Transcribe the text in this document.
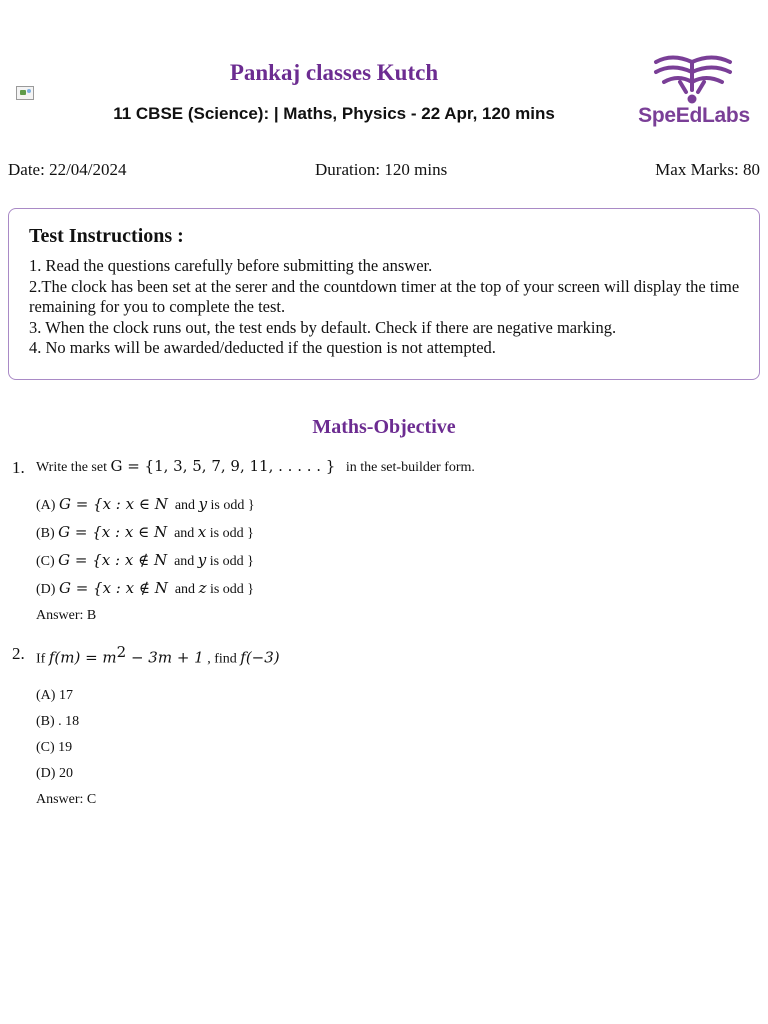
Pankaj classes Kutch
11 CBSE (Science): | Maths, Physics - 22 Apr, 120 mins	SpeEdLabs
Date: 22/04/2024	Duration: 120 mins	Max Marks: 80
Test Instructions :

1. Read the questions carefully before submitting the answer.

2.The clock has been set at the serer and the countdown timer at the top of your screen will display the time remaining for you to complete the test.

3. When the clock runs out, the test ends by default. Check if there are negative marking.

4. No marks will be awarded/deducted if the question is not attempted.

Maths-Objective
1. Write the set G = {1, 3, 5, 7, 9, 11, . . . . . } in the set-builder form.
(A) G = {x : x ∈ N and y is odd }
(B) G = {x : x ∈ N and x is odd }
(C) G = {x : x ∉ N and y is odd }
(D) G = {x : x ∉ N and z is odd }
Answer: B
2. If $f(m) = m^2 - 3m + 1$ , find f(−3)
(A) 17
(B) . 18
(C) 19
(D) 20
Answer: C
